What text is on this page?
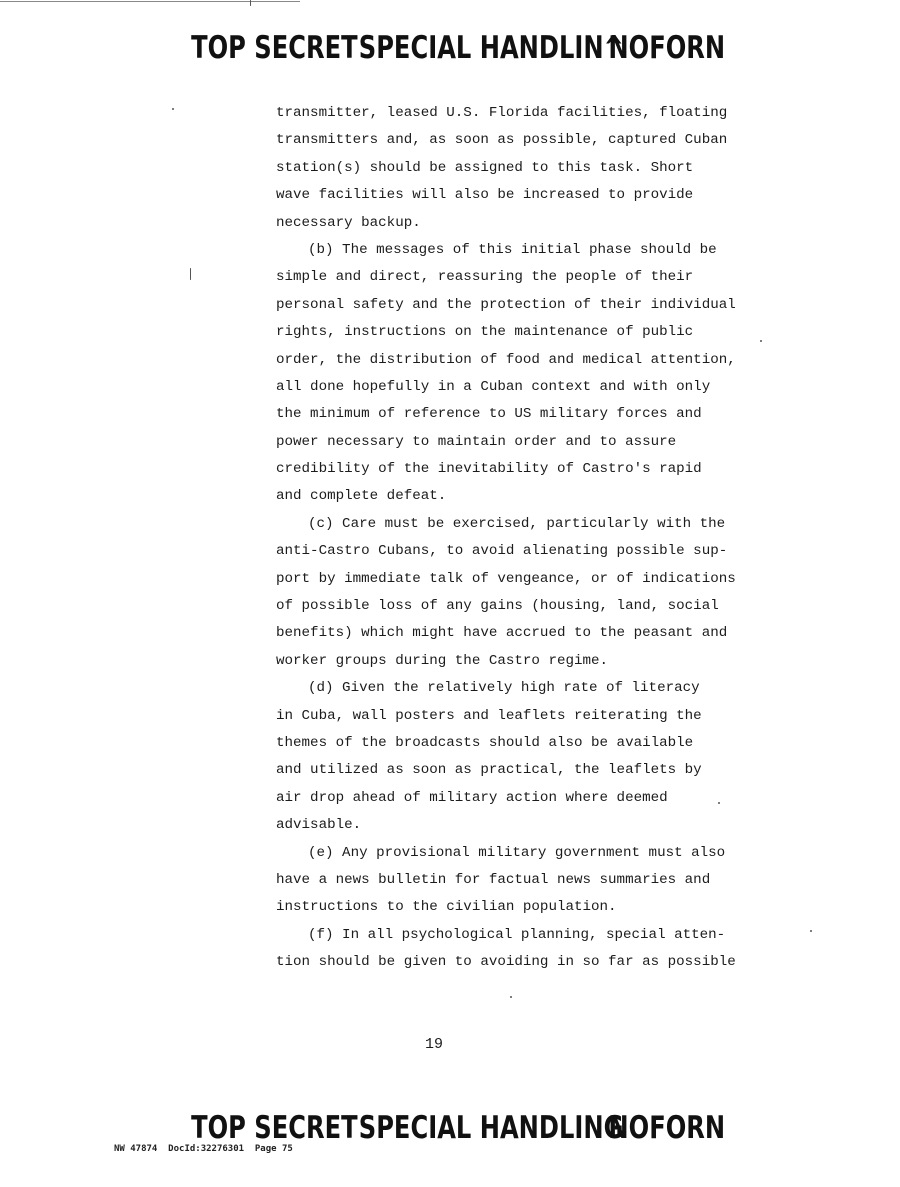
TOP SECRET SPECIAL HANDLIN^
NOFORN
transmitter, leased U.S. Florida facilities, floating
transmitters and, as soon as possible, captured Cuban
station(s) should be assigned to this task. Short
wave facilities will also be increased to provide
necessary backup.
(b) The messages of this initial phase should be
simple and direct, reassuring the people of their
personal safety and the protection of their individual
rights, instructions on the maintenance of public
order, the distribution of food and medical attention,
all done hopefully in a Cuban context and with only
the minimum of reference to US military forces and
power necessary to maintain order and to assure
credibility of the inevitability of Castro's rapid
and complete defeat.
(c) Care must be exercised, particularly with the
anti-Castro Cubans, to avoid alienating possible sup-
port by immediate talk of vengeance, or of indications
of possible loss of any gains (housing, land, social
benefits) which might have accrued to the peasant and
worker groups during the Castro regime.
(d) Given the relatively high rate of literacy
in Cuba, wall posters and leaflets reiterating the
themes of the broadcasts should also be available
and utilized as soon as practical, the leaflets by
air drop ahead of military action where deemed
advisable.
(e) Any provisional military government must also
have a news bulletin for factual news summaries and
instructions to the civilian population.
(f) In all psychological planning, special atten-
tion should be given to avoiding in so far as possible
19
TOP SECRET SPECIAL HANDLING
NOFORN
NW 47874  DocId:32276301  Page 75
